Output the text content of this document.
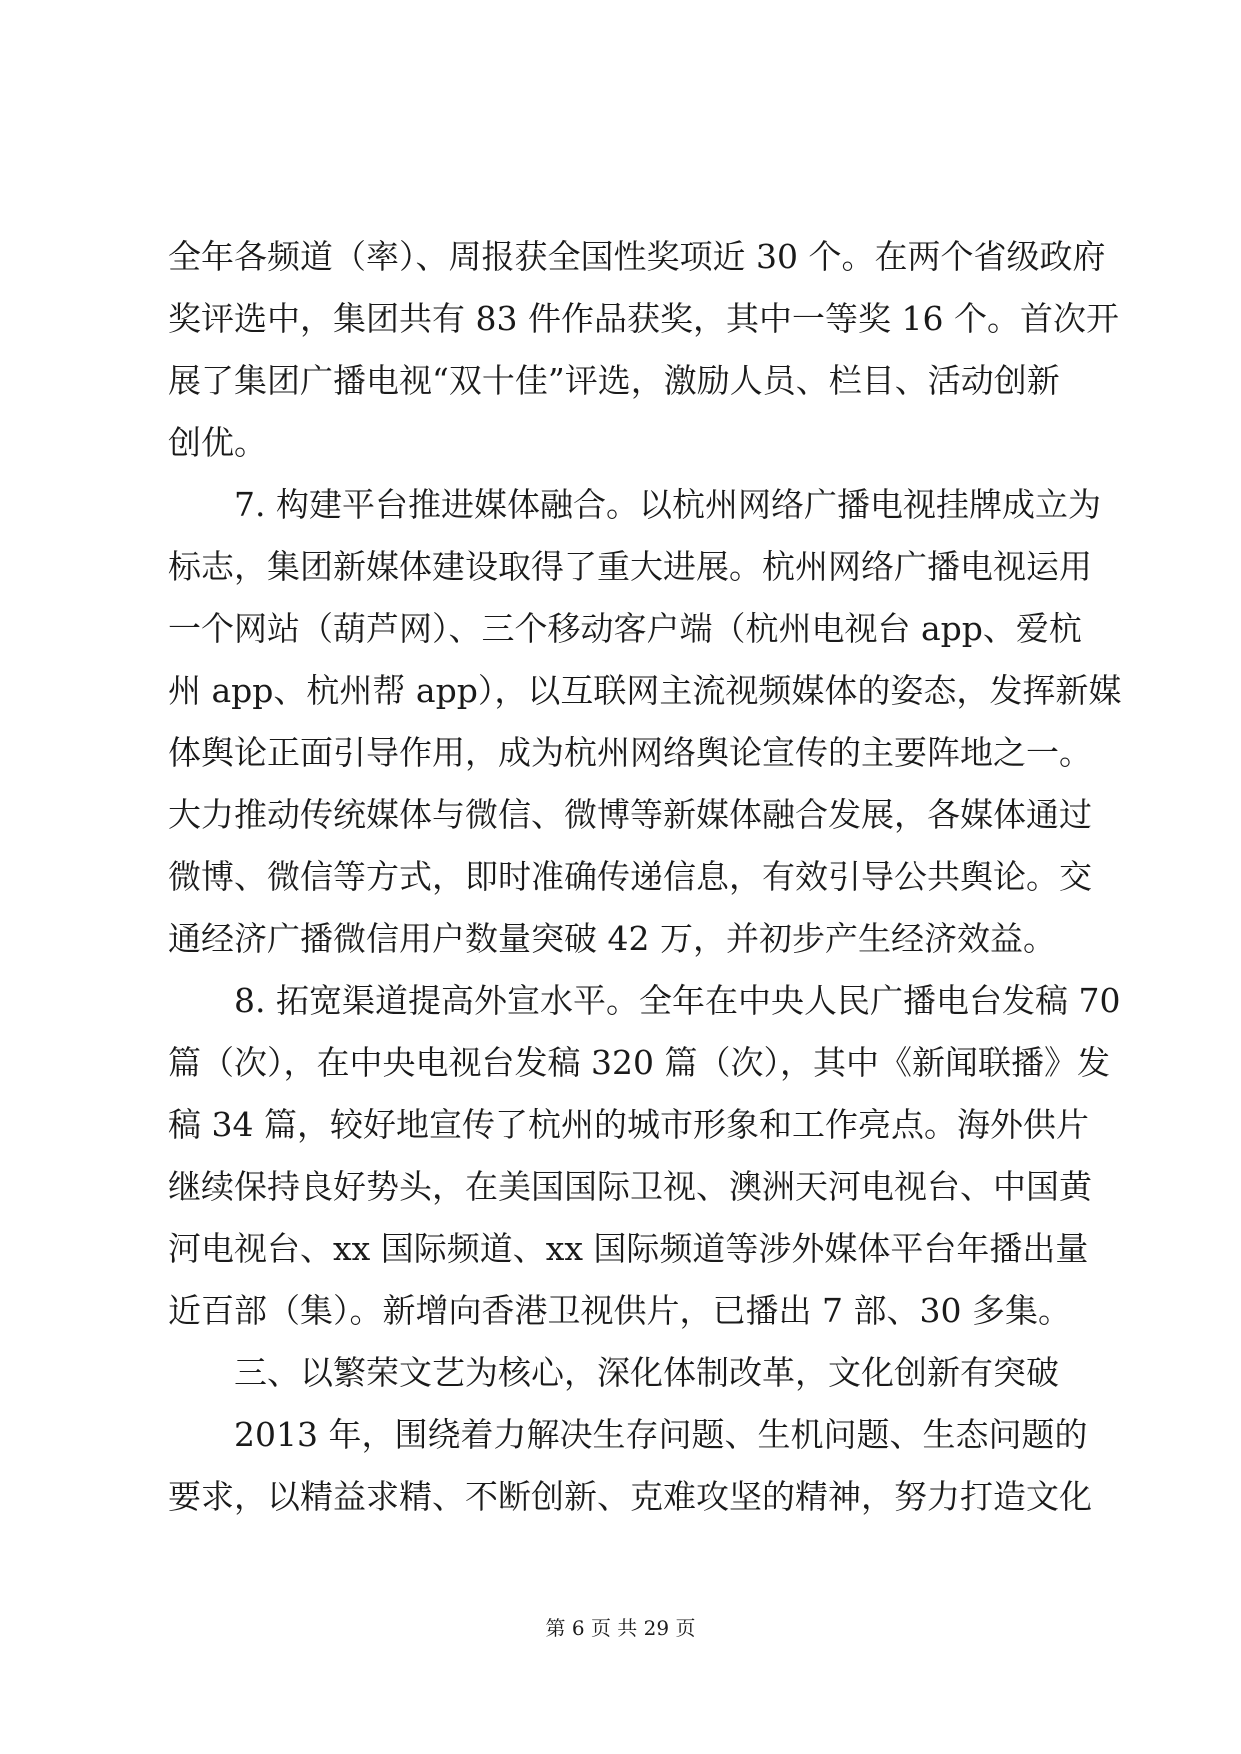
全年各频道（率）、周报获全国性奖项近 30 个。在两个省级政府
奖评选中，集团共有 83 件作品获奖，其中一等奖 16 个。首次开
展了集团广播电视“双十佳”评选，激励人员、栏目、活动创新
创优。
7. 构建平台推进媒体融合。以杭州网络广播电视挂牌成立为
标志，集团新媒体建设取得了重大进展。杭州网络广播电视运用
一个网站（葫芦网）、三个移动客户端（杭州电视台 app、爱杭
州 app、杭州帮 app），以互联网主流视频媒体的姿态，发挥新媒
体舆论正面引导作用，成为杭州网络舆论宣传的主要阵地之一。
大力推动传统媒体与微信、微博等新媒体融合发展，各媒体通过
微博、微信等方式，即时准确传递信息，有效引导公共舆论。交
通经济广播微信用户数量突破 42 万，并初步产生经济效益。
8. 拓宽渠道提高外宣水平。全年在中央人民广播电台发稿 70
篇（次），在中央电视台发稿 320 篇（次），其中《新闻联播》发
稿 34 篇，较好地宣传了杭州的城市形象和工作亮点。海外供片
继续保持良好势头，在美国国际卫视、澳洲天河电视台、中国黄
河电视台、xx 国际频道、xx 国际频道等涉外媒体平台年播出量
近百部（集）。新增向香港卫视供片，已播出 7 部、30 多集。
三、以繁荣文艺为核心，深化体制改革，文化创新有突破
2013 年，围绕着力解决生存问题、生机问题、生态问题的
要求，以精益求精、不断创新、克难攻坚的精神，努力打造文化
第 6 页 共 29 页
